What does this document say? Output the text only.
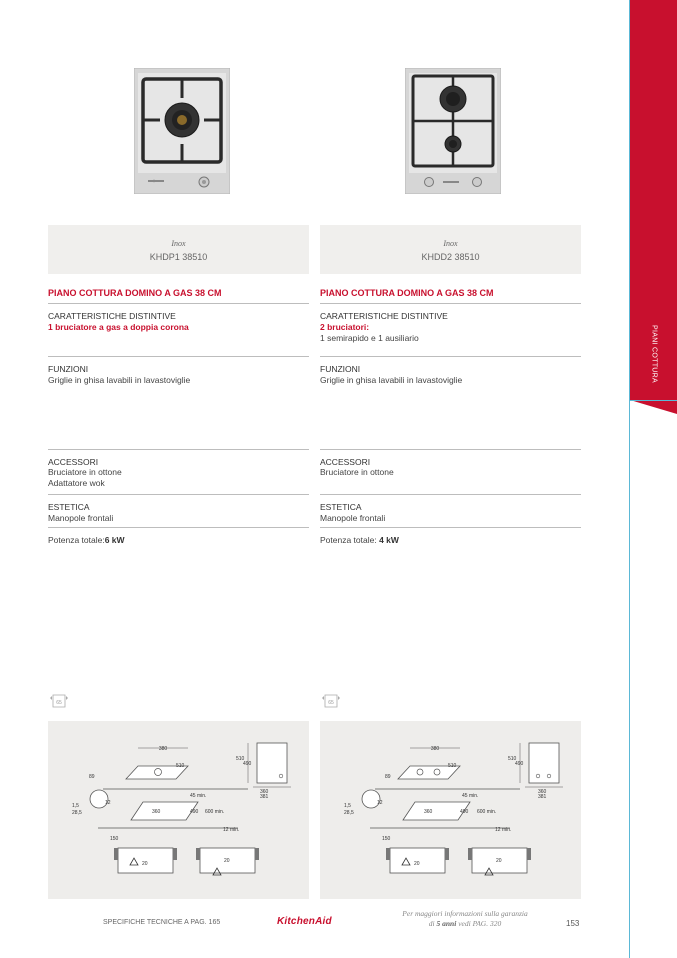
PIANI COTTURA
Inox
KHDP1 38510
PIANO COTTURA DOMINO A GAS 38 CM
CARATTERISTICHE DISTINTIVE
1 bruciatore a gas a doppia corona
FUNZIONI
Griglie in ghisa lavabili in lavastoviglie
ACCESSORI
Bruciatore in ottone
Adattatore wok
ESTETICA
Manopole frontali
Potenza totale:6 kW
65
380
510
89
510
490
360
381
360	490
45 min.
600 min.
1,5
28,5
12
12 min.
150
20	20
Inox
KHDD2 38510
PIANO COTTURA DOMINO A GAS 38 CM
CARATTERISTICHE DISTINTIVE
2 bruciatori:
1 semirapido e 1 ausiliario
FUNZIONI
Griglie in ghisa lavabili in lavastoviglie
ACCESSORI
Bruciatore in ottone
ESTETICA
Manopole frontali
Potenza totale: 4 kW
65
380
510
89
510
490
360
381
360	490
45 min.
600 min.
1,5
28,5
12
12 min.
150
20	20
SPECIFICHE TECNICHE A PAG. 165	KitchenAid
Per maggiori informazioni sulla garanzia
di 5 anni vedi PAG. 320	153
